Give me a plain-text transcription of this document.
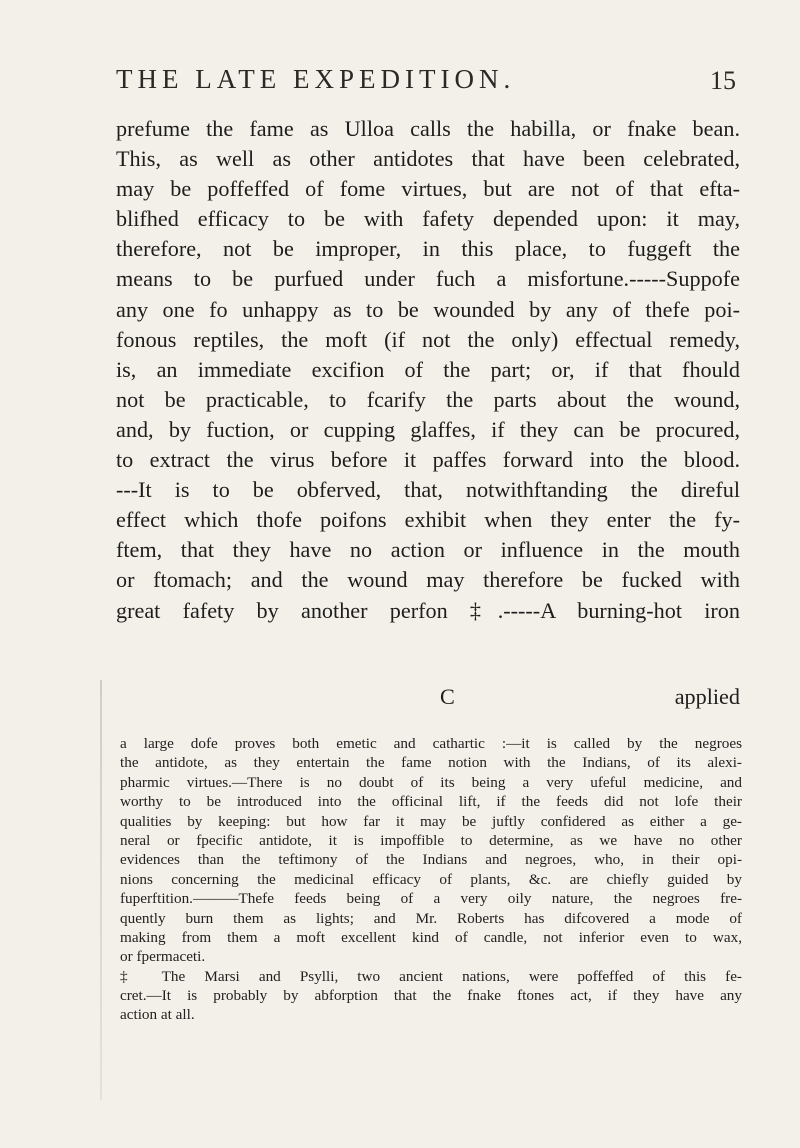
THE LATE EXPEDITION.	15
prefume the fame as Ulloa calls the habilla, or fnake bean.
This, as well as other antidotes that have been celebrated,
may be poffeffed of fome virtues, but are not of that efta-
blifhed efficacy to be with fafety depended upon: it may,
therefore, not be improper, in this place, to fuggeft the
means to be purfued under fuch a misfortune.-----Suppofe
any one fo unhappy as to be wounded by any of thefe poi-
fonous reptiles, the moft (if not the only) effectual remedy,
is, an immediate excifion of the part; or, if that fhould
not be practicable, to fcarify the parts about the wound,
and, by fuction, or cupping glaffes, if they can be procured,
to extract the virus before it paffes forward into the blood.
---It is to be obferved, that, notwithftanding the direful
effect which thofe poifons exhibit when they enter the fy-
ftem, that they have no action or influence in the mouth
or ftomach; and the wound may therefore be fucked with
great fafety by another perfon ‡.-----A burning-hot iron
C	applied
a large dofe proves both emetic and cathartic :—it is called by the negroes
the antidote, as they entertain the fame notion with the Indians, of its alexi-
pharmic virtues.—There is no doubt of its being a very ufeful medicine, and
worthy to be introduced into the officinal lift, if the feeds did not lofe their
qualities by keeping: but how far it may be juftly confidered as either a ge-
neral or fpecific antidote, it is impoffible to determine, as we have no other
evidences than the teftimony of the Indians and negroes, who, in their opi-
nions concerning the medicinal efficacy of plants, &c. are chiefly guided by
fuperftition.———Thefe feeds being of a very oily nature, the negroes fre-
quently burn them as lights; and Mr. Roberts has difcovered a mode of
making from them a moft excellent kind of candle, not inferior even to wax,
or fpermaceti.
‡ The Marsi and Psylli, two ancient nations, were poffeffed of this fe-
cret.—It is probably by abforption that the fnake ftones act, if they have any
action at all.
